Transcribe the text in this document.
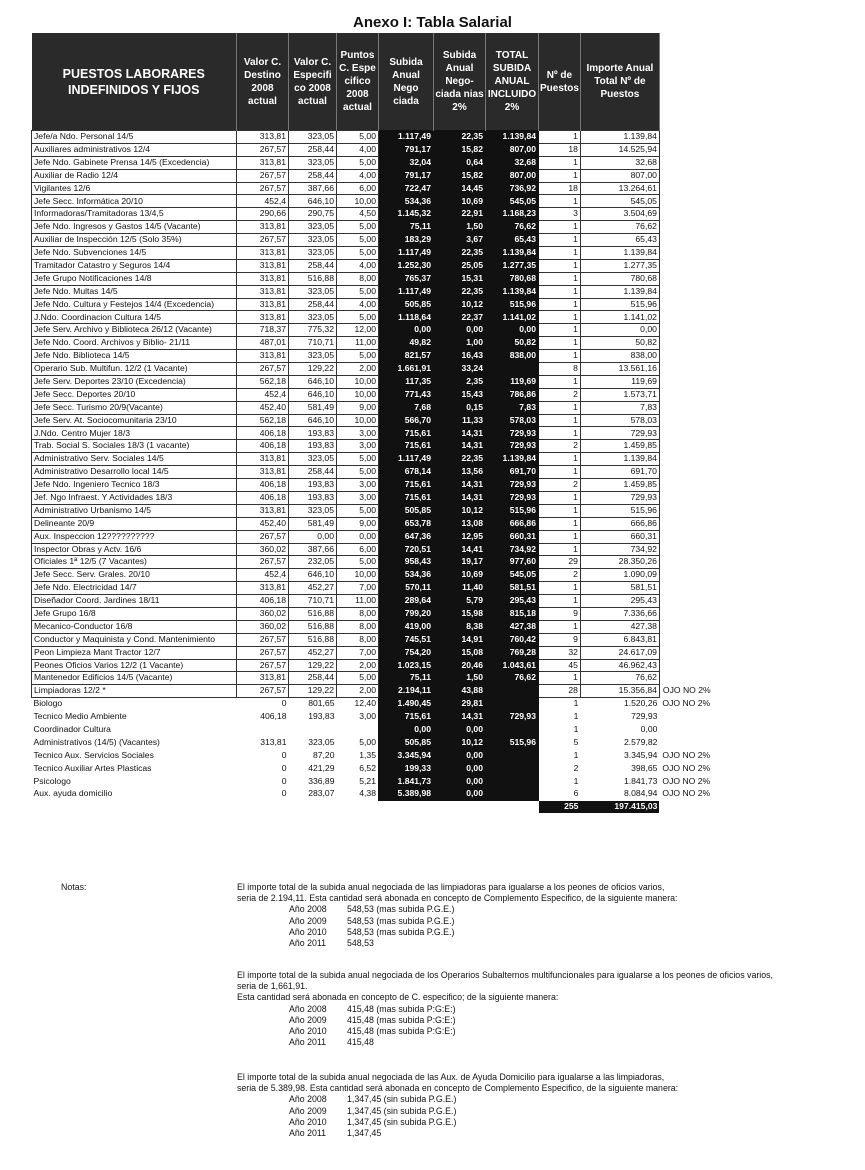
Anexo I: Tabla Salarial
PUESTOS LABORARES INDEFINIDOS Y FIJOS	Valor C. Destino 2008 actual	Valor C. Especifi co 2008 actual	Puntos C. Espe cifico 2008 actual	Subida Anual Nego ciada	Subida Anual Nego- ciada nias 2%	TOTAL SUBIDA ANUAL INCLUIDO 2%	Nº de Puestos	Importe Anual Total Nº de Puestos	
Jefe/a Ndo. Personal 14/5	313,81	323,05	5,00	1.117,49	22,35	1.139,84	1	1.139,84	
Auxiliares administrativos 12/4	267,57	258,44	4,00	791,17	15,82	807,00	18	14.525,94	
Jefe Ndo. Gabinete Prensa 14/5 (Excedencia)	313,81	323,05	5,00	32,04	0,64	32,68	1	32,68	
Auxiliar de Radio 12/4	267,57	258,44	4,00	791,17	15,82	807,00	1	807,00	
Vigilantes 12/6	267,57	387,66	6,00	722,47	14,45	736,92	18	13.264,61	
Jefe Secc. Informática 20/10	452,4	646,10	10,00	534,36	10,69	545,05	1	545,05	
Informadoras/Tramitadoras 13/4,5	290,66	290,75	4,50	1.145,32	22,91	1.168,23	3	3.504,69	
Jefe Ndo. Ingresos y Gastos 14/5 (Vacante)	313,81	323,05	5,00	75,11	1,50	76,62	1	76,62	
Auxiliar de Inspección 12/5 (Solo 35%)	267,57	323,05	5,00	183,29	3,67	65,43	1	65,43	
Jefe Ndo. Subvenciones 14/5	313,81	323,05	5,00	1.117,49	22,35	1.139,84	1	1.139,84	
Tramitador Catastro y Seguros 14/4	313,81	258,44	4,00	1.252,30	25,05	1.277,35	1	1.277,35	
Jefe Grupo Notificaciones 14/8	313,81	516,88	8,00	765,37	15,31	780,68	1	780,68	
Jefe Ndo. Multas 14/5	313,81	323,05	5,00	1.117,49	22,35	1.139,84	1	1.139,84	
Jefe Ndo. Cultura y Festejos 14/4 (Excedencia)	313,81	258,44	4,00	505,85	10,12	515,96	1	515,96	
J.Ndo. Coordinacion Cultura 14/5	313,81	323,05	5,00	1.118,64	22,37	1.141,02	1	1.141,02	
Jefe Serv. Archivo y Biblioteca 26/12 (Vacante)	718,37	775,32	12,00	0,00	0,00	0,00	1	0,00	
Jefe Ndo. Coord. Archivos y Biblio- 21/11	487,01	710,71	11,00	49,82	1,00	50,82	1	50,82	
Jefe Ndo. Biblioteca 14/5	313,81	323,05	5,00	821,57	16,43	838,00	1	838,00	
Operario Sub. Multifun. 12/2 (1 Vacante)	267,57	129,22	2,00	1.661,91	33,24		8	13.561,16	
Jefe Serv. Deportes 23/10 (Excedencia)	562,18	646,10	10,00	117,35	2,35	119,69	1	119,69	
Jefe Secc. Deportes 20/10	452,4	646,10	10,00	771,43	15,43	786,86	2	1.573,71	
Jefe Secc. Turismo 20/9(Vacante)	452,40	581,49	9,00	7,68	0,15	7,83	1	7,83	
Jefe Serv. At. Sociocomunitaria 23/10	562,18	646,10	10,00	566,70	11,33	578,03	1	578,03	
J.Ndo. Centro Mujer 18/3	406,18	193,83	3,00	715,61	14,31	729,93	1	729,93	
Trab. Social S. Sociales 18/3 (1 vacante)	406,18	193,83	3,00	715,61	14,31	729,93	2	1.459,85	
Administrativo Serv. Sociales 14/5	313,81	323,05	5,00	1.117,49	22,35	1.139,84	1	1.139,84	
Administrativo Desarrollo local 14/5	313,81	258,44	5,00	678,14	13,56	691,70	1	691,70	
Jefe Ndo. Ingeniero Tecnico 18/3	406,18	193,83	3,00	715,61	14,31	729,93	2	1.459,85	
Jef. Ngo Infraest. Y Actividades 18/3	406,18	193,83	3,00	715,61	14,31	729,93	1	729,93	
Administrativo Urbanismo 14/5	313,81	323,05	5,00	505,85	10,12	515,96	1	515,96	
Delineante 20/9	452,40	581,49	9,00	653,78	13,08	666,86	1	666,86	
Aux. Inspeccion 12??????????	267,57	0,00	0,00	647,36	12,95	660,31	1	660,31	
Inspector Obras y Actv. 16/6	360,02	387,66	6,00	720,51	14,41	734,92	1	734,92	
Oficiales 1ª 12/5 (7 Vacantes)	267,57	232,05	5,00	958,43	19,17	977,60	29	28.350,26	
Jefe Secc. Serv. Grales. 20/10	452,4	646,10	10,00	534,36	10,69	545,05	2	1.090,09	
Jefe Ndo. Electricidad 14/7	313,81	452,27	7,00	570,11	11,40	581,51	1	581,51	
Diseñador Coord. Jardines 18/11	406,18	710,71	11,00	289,64	5,79	295,43	1	295,43	
Jefe Grupo 16/8	360,02	516,88	8,00	799,20	15,98	815,18	9	7.336,66	
Mecanico-Conductor 16/8	360,02	516,88	8,00	419,00	8,38	427,38	1	427,38	
Conductor y Maquinista y Cond. Mantenimiento	267,57	516,88	8,00	745,51	14,91	760,42	9	6.843,81	
Peon Limpieza Mant Tractor 12/7	267,57	452,27	7,00	754,20	15,08	769,28	32	24.617,09	
Peones Oficios Varios 12/2 (1 Vacante)	267,57	129,22	2,00	1.023,15	20,46	1.043,61	45	46.962,43	
Mantenedor Edificios 14/5 (Vacante)	313,81	258,44	5,00	75,11	1,50	76,62	1	76,62	
Limpiadoras 12/2 *	267,57	129,22	2,00	2.194,11	43,88		28	15.356,84	OJO NO 2%
Biologo	0	801,65	12,40	1.490,45	29,81		1	1.520,26	OJO NO 2%
Tecnico Medio Ambiente	406,18	193,83	3,00	715,61	14,31	729,93	1	729,93	
Coordinador Cultura				0,00	0,00		1	0,00	
Administrativos (14/5) (Vacantes)	313,81	323,05	5,00	505,85	10,12	515,96	5	2.579,82	
Tecnico Aux. Servicios Sociales	0	87,20	1,35	3.345,94	0,00		1	3.345,94	OJO NO 2%
Tecnico Auxiliar Artes Plasticas	0	421,29	6,52	199,33	0,00		2	398,65	OJO NO 2%
Psicologo	0	336,89	5,21	1.841,73	0,00		1	1.841,73	OJO NO 2%
Aux. ayuda domicilio	0	283,07	4,38	5.389,98	0,00		6	8.084,94	OJO NO 2%
							255	197.415,03	
Notas:	El importe total de la subida anual negociada de las limpiadoras para igualarse a los peones de oficios varios,
seria de 2.194,11. Esta cantidad será abonada en concepto de Complemento Especifico, de la siguiente manera:
Año 2008 548,53 (mas subida P.G.E.)
Año 2009 548,53 (mas subida P.G.E.)
Año 2010 548,53 (mas subida P.G.E.)
Año 2011 548,53
El importe total de la subida anual negociada de los Operarios Subalternos multifuncionales para igualarse a los peones de oficios varios,
seria de 1,661,91.
Esta cantidad será abonada en concepto de C. especifico; de la siguiente manera:
Año 2008 415,48 (mas subida P:G:E:)
Año 2009 415,48 (mas subida P:G:E:)
Año 2010 415,48 (mas subida P:G:E:)
Año 2011 415,48
El importe total de la subida anual negociada de las Aux. de Ayuda Domicilio para igualarse a las limpiadoras,
seria de 5.389,98. Esta cantidad será abonada en concepto de Complemento Especifico, de la siguiente manera:
Año 2008 1,347,45 (sin subida P.G.E.)
Año 2009 1,347,45 (sin subida P.G.E.)
Año 2010 1,347,45 (sin subida P.G.E.)
Año 2011 1,347,45
